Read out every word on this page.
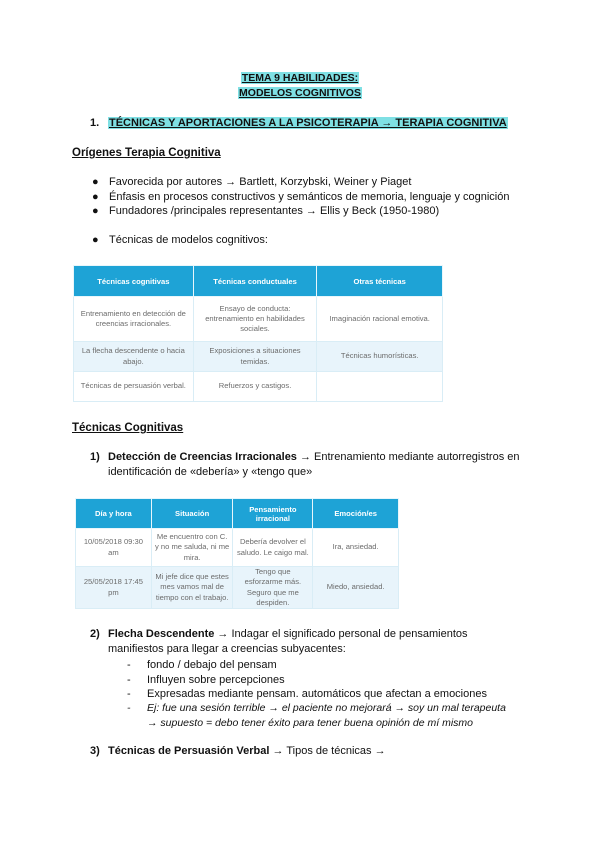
TEMA 9 HABILIDADES:
MODELOS COGNITIVOS
1. TÉCNICAS Y APORTACIONES A LA PSICOTERAPIA → TERAPIA COGNITIVA
Orígenes Terapia Cognitiva
● Favorecida por autores → Bartlett, Korzybski, Weiner y Piaget
● Énfasis en procesos constructivos y semánticos de memoria, lenguaje y cognición
● Fundadores /principales representantes → Ellis y Beck (1950-1980)
● Técnicas de modelos cognitivos:
Técnicas cognitivas	Técnicas conductuales	Otras técnicas
Entrenamiento en detección de creencias irracionales.	Ensayo de conducta: entrenamiento en habilidades sociales.	Imaginación racional emotiva.
La flecha descendente o hacia abajo.	Exposiciones a situaciones temidas.	Técnicas humorísticas.
Técnicas de persuasión verbal.	Refuerzos y castigos.	
Técnicas Cognitivas
1) Detección de Creencias Irracionales → Entrenamiento mediante autorregistros en
identificación de «debería» y «tengo que»
Día y hora	Situación	Pensamiento irracional	Emoción/es
10/05/2018 09:30 am	Me encuentro con C. y no me saluda, ni me mira.	Debería devolver el saludo. Le caigo mal.	Ira, ansiedad.
25/05/2018 17:45 pm	Mi jefe dice que estes mes vamos mal de tiempo con el trabajo.	Tengo que esforzarme más. Seguro que me despiden.	Miedo, ansiedad.
2) Flecha Descendente → Indagar el significado personal de pensamientos
manifiestos para llegar a creencias subyacentes:
- fondo / debajo del pensam
- Influyen sobre percepciones
- Expresadas mediante pensam. automáticos que afectan a emociones
- Ej: fue una sesión terrible → el paciente no mejorará → soy un mal terapeuta
→ supuesto = debo tener éxito para tener buena opinión de mí mismo
3) Técnicas de Persuasión Verbal → Tipos de técnicas →
